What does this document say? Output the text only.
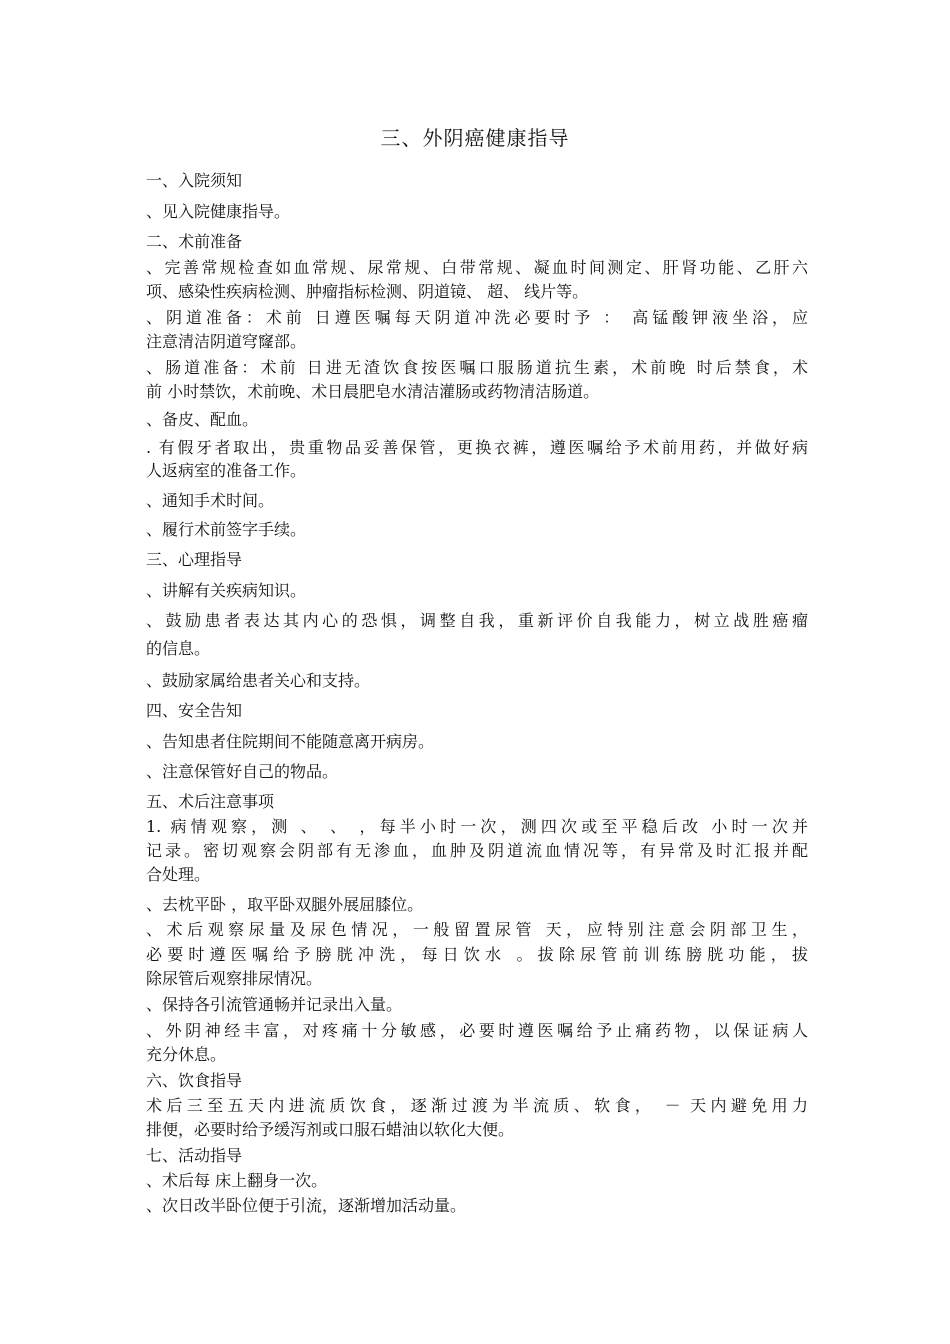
三、外阴癌健康指导
一、入院须知
、见入院健康指导。
二、术前准备
、完善常规检查如血常规、尿常规、白带常规、凝血时间测定、肝肾功能、乙肝六
项、感染性疾病检测、肿瘤指标检测、阴道镜、 超、 线片等。
、阴道准备：术前 日遵医嘱每天阴道冲洗必要时予 ： 高锰酸钾液坐浴，应
注意清洁阴道穹窿部。
、肠道准备：术前 日进无渣饮食按医嘱口服肠道抗生素，术前晚 时后禁食，术
前 小时禁饮，术前晚、术日晨肥皂水清洁灌肠或药物清洁肠道。
、备皮、配血。
. 有假牙者取出，贵重物品妥善保管，更换衣裤，遵医嘱给予术前用药，并做好病
人返病室的准备工作。
、通知手术时间。
、履行术前签字手续。
三、心理指导
、讲解有关疾病知识。
、鼓励患者表达其内心的恐惧，调整自我，重新评价自我能力，树立战胜癌瘤
的信息。
、鼓励家属给患者关心和支持。
四、安全告知
、告知患者住院期间不能随意离开病房。
、注意保管好自己的物品。
五、术后注意事项
1. 病情观察，测 、 、 ，每半小时一次，测四次或至平稳后改 小时一次并
记录。密切观察会阴部有无渗血，血肿及阴道流血情况等，有异常及时汇报并配
合处理。
、去枕平卧 ，取平卧双腿外展屈膝位。
、术后观察尿量及尿色情况，一般留置尿管 天，应特别注意会阴部卫生，
必要时遵医嘱给予膀胱冲洗，每日饮水 。拔除尿管前训练膀胱功能，拔
除尿管后观察排尿情况。
、保持各引流管通畅并记录出入量。
、外阴神经丰富，对疼痛十分敏感，必要时遵医嘱给予止痛药物，以保证病人
充分休息。
六、饮食指导
术后三至五天内进流质饮食，逐渐过渡为半流质、软食， － 天内避免用力
排便，必要时给予缓泻剂或口服石蜡油以软化大便。
七、活动指导
、术后每 床上翻身一次。
、次日改半卧位便于引流，逐渐增加活动量。
